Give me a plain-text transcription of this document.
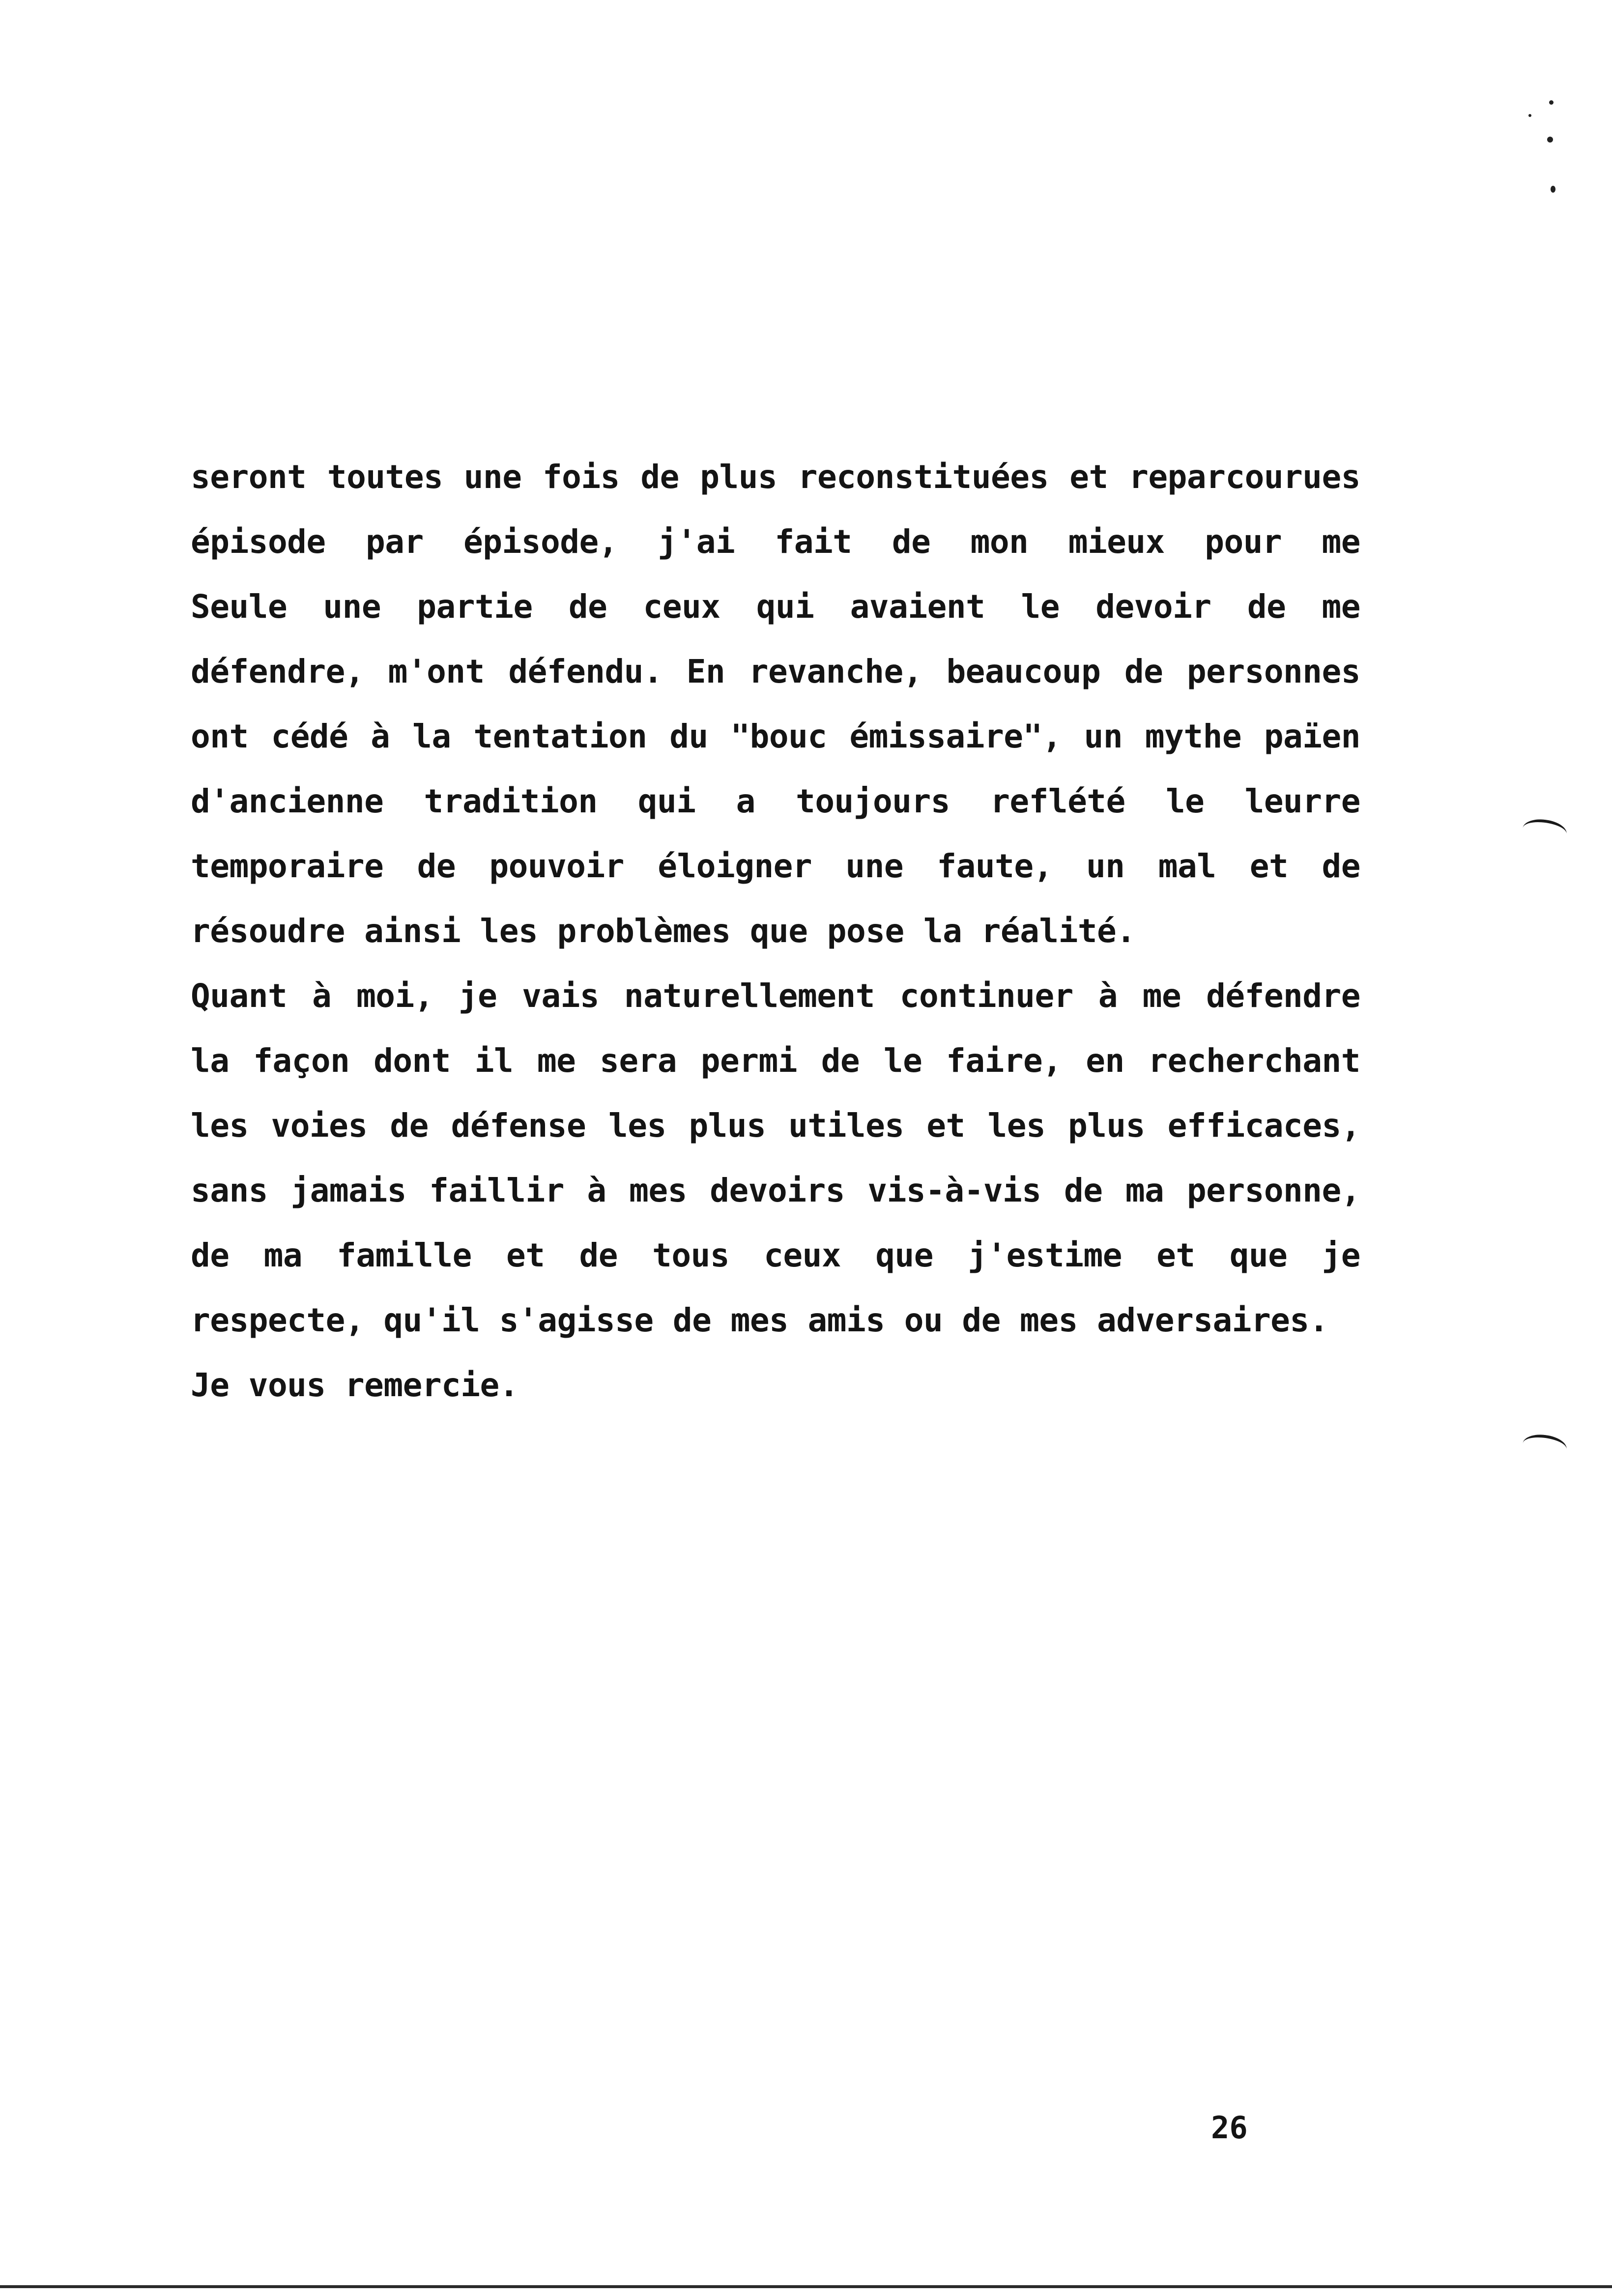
seront toutes une fois de plus reconstituées et reparcourues
épisode par épisode, j'ai fait de mon mieux pour me
Seule une partie de ceux qui avaient le devoir de me
défendre, m'ont défendu. En revanche, beaucoup de personnes
ont cédé à la tentation du "bouc émissaire", un mythe païen
d'ancienne tradition qui a toujours reflété le leurre
temporaire de pouvoir éloigner une faute, un mal et de
résoudre ainsi les problèmes que pose la réalité.
Quant à moi, je vais naturellement continuer à me défendre
la façon dont il me sera permi de le faire, en recherchant
les voies de défense les plus utiles et les plus efficaces,
sans jamais faillir à mes devoirs vis-à-vis de ma personne,
de ma famille et de tous ceux que j'estime et que je
respecte, qu'il s'agisse de mes amis ou de mes adversaires.
Je vous remercie.
26
